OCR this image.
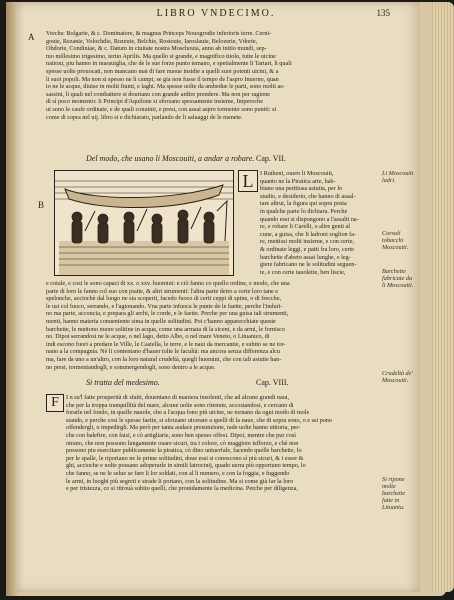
LIBRO VNDECIMO.	135
A
B
Li Moscouiti ladri.
Corsali tobacchi Moscouiti.
Barchette fabricate da li Moscouiti.
Crudeltà de' Moscouiti.
Si ripone molte barchette fatte in Lituania.
Vrechs: Bolgarie, & c. Dominatore, & magnus Princeps Nouogrodie inferioris terre. Cerni-
gouie, Rezanie, Volochdie, Rozeuie, Belchie, Rostouie, Iaroslauie, Belozerie, Vdorie,
Obdorie, Condiniae, & c. Datum in ciuitate nostra Moschouia, anno ab initio mundi, sep-
mo millesimo trigesimo, tertio Aprilis. Ma quello si grande, e magnifico titolo, tutte le uicine
nationi, piu hanno in marauiglia, che de le sue forze punto temano, e spetialmente li Tartari, li quali
spesse uolte prouocati, non mancano mai di fare nuoue insidie a quelli suoi potenti uicini, & a
li suoi popoli. Ma non si spesso ne li campi, se gia non fusse il tempo de l'aspro Inuerno, quan
to ne le acque, diuise in molti fiumi, e laghi. Ma spesse uolte da ambedue le parti, sono molti as-
sassini, li quali nel combattere si douriano con grande ardire prendere. Ma non per ragione
di sì poco momento: li Principi d'Aquilone si sforzano spessamente insieme, Imperoche
ui sono le caufe ordinate, e de quali conuinti, e presi, con assai aspro tormento sono puniti: si
come di sopra nel uij. libro si e dichiarato, parlando de li saluaggi de le menete.
Del modo, che usano li Moscouiti, a andar a robare. Cap. VII.
L	I Rutheni, ouero li Moscouiti,
quanto ne la Piratica arte, hab-
biano una peritiosa astutia, per lo
studio, e desiderio, che hanno di assal-
tare altrui, la figura qui sopra posta
in qualche parte lo dichiara. Perche
quando essi si dispongono a l'assalti na-
re, e robare li Carelli, o altre genti al
cune, a guisa, che li ladroni soglion fa-
re, mettissi molti insieme, e con certe,
& ordinate leggi, e patti fra loro, certe
barchette d'abeto assai lunghe, e leg-
giere fabricano ne le solitudini seguen-
te, e con certe tauolette, ben liscie,
e cotale, e cosi le sono capaci di xx. o xxv. huomini: e ciò fanno co quello ordine, e modo, che una
parte di loro le fanno col suo con piatte, & altri strumenti: l'altra parte detro a certe loro tane e
spelonche, acciochè dal luogo ne sia scoperti, facedo fuoco di certi ceppi di spine, o di frecche,
le usi col fuoco, serrando, e l'agionando. Vna parte infuoca le punte de le faette, perche l'induri-
no ma parte, acconcia, e prepara gli archi, le corde, e le faette. Perche per una guisa tali strumenti,
menti, hanno materia conueniente sima in quelle solitudini. Poi c'hanno apparecchiate queste
barchette, le mettono nuore solitine in acqua, come una armata di la siceni, e da armi, le fornisco
no. Dipoi serrandosi ne le acque, o nel lago, detto Albo, o nel mare Veneto, o Lituanico, di
indi escono fuori a predare le Ville, le Castella, le terre, e le naui da mercantie, e subito se ne tor-
nano a la compagnia. Nè li contentano d'hauer tolte le facultà: ma ancora senza differenza alcu
ma, fare da uno a un'altro, con la loro natural crudeltà, quegli huomini, che con tali astutie han-
no presi, tormentandogli, e sommergendogli, sono dentro a le acque.
Si tratta del medesimo.	Cap. VIII.
F	I n su'l fatte prosperità di sfatti, douentano di maniera insolenti, che ad alcune grandi naui,
che per la troppa tranquillità del mare, alcune uolte sono ritenute, accostandosi, e cercano di
forarle nel fondo, in quelle nauole, che a l'acqua fono più uicine, ne tornano da ogni modo di mole
stando, e perche cosi le spesse faette, si sforzano uicerare a quelli di la naue, che di sopra sono, o e ssi pono
offendergli, o impedirgli. Ma però per tanta audace presunzione, rade uolte hanno uittoria, per-
che con baleftre, con faisi, e cò artigliarie, sono ben spesso offesi. Dipoi, mentre che pur così
otrano, che non possono lungamente ouare sicuri, tra i colore, cò maggiore isfforzo, e chè non
possono piu esercitare publicamente la piratica, cò dino uniuerfale, facendo quelle barchette, lo
per le spalle, le riportano ne le prime solitudini, doue essi si conoscono sì più sicuri, & i esser &
ghi, accioche e uolte possano adoperarle in simili latrocinij, quado uerra più opportuno tempo, lo
che fanno, se ne le selue se fare li lor soldati, con al li numero, e con la foggia, e fuggendo
le armi, in luoghi più segreti e strade li portano, con la solitudine. Ma si come già far la loro
e per tristezza, co si ritrouà subito quelli, che prouidamente la medicina. Perche per diligenza,
